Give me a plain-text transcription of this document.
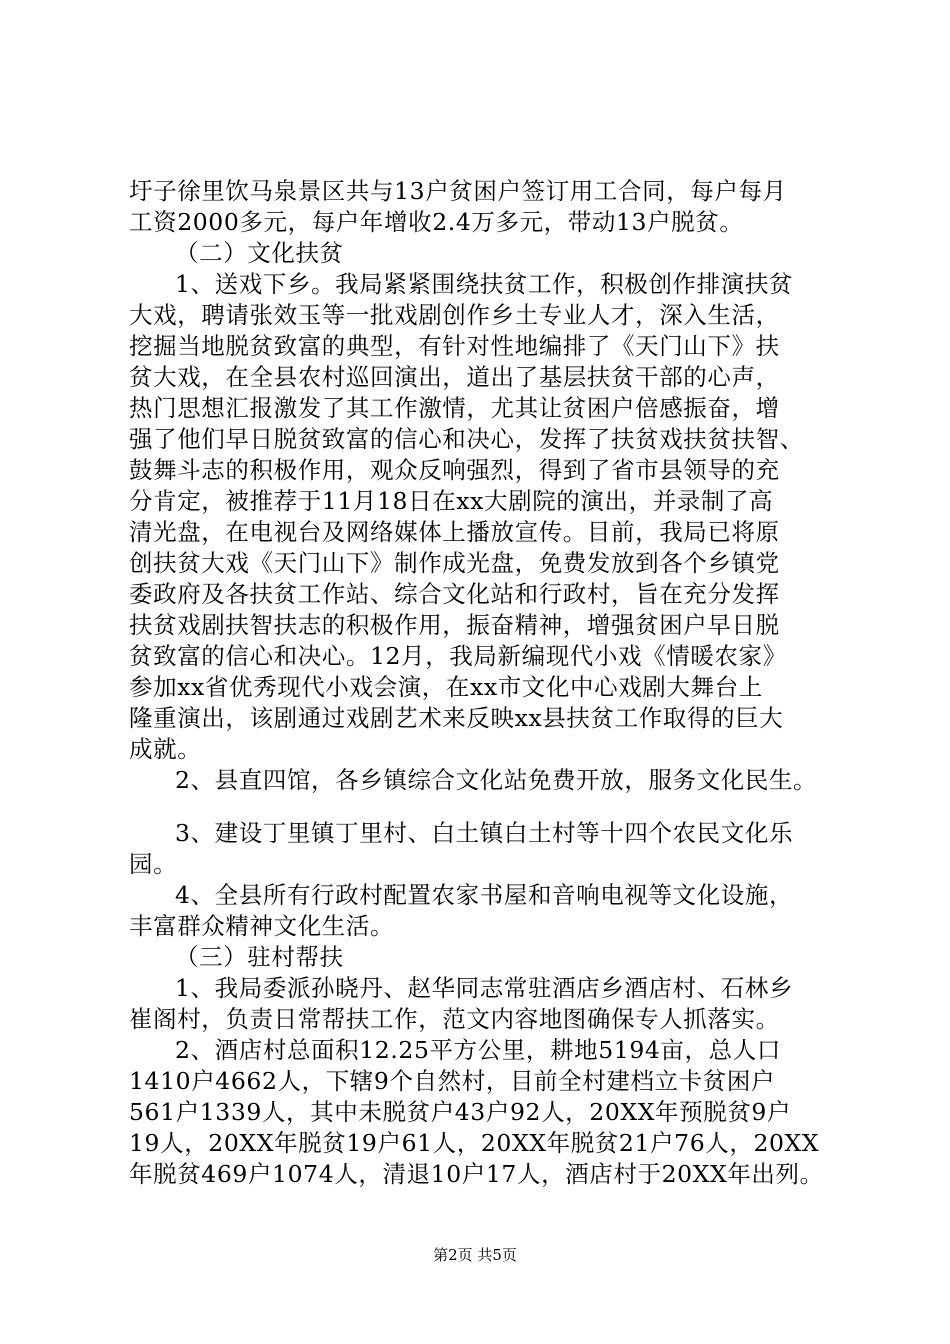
圩子徐里饮马泉景区共与13户贫困户签订用工合同，每户每月
工资2000多元，每户年增收2.4万多元，带动13户脱贫。
（二）文化扶贫
1、送戏下乡。我局紧紧围绕扶贫工作，积极创作排演扶贫
大戏，聘请张效玉等一批戏剧创作乡土专业人才，深入生活，
挖掘当地脱贫致富的典型，有针对性地编排了《天门山下》扶
贫大戏，在全县农村巡回演出，道出了基层扶贫干部的心声，
热门思想汇报激发了其工作激情，尤其让贫困户倍感振奋，增
强了他们早日脱贫致富的信心和决心，发挥了扶贫戏扶贫扶智、
鼓舞斗志的积极作用，观众反响强烈，得到了省市县领导的充
分肯定，被推荐于11月18日在xx大剧院的演出，并录制了高
清光盘，在电视台及网络媒体上播放宣传。目前，我局已将原
创扶贫大戏《天门山下》制作成光盘，免费发放到各个乡镇党
委政府及各扶贫工作站、综合文化站和行政村，旨在充分发挥
扶贫戏剧扶智扶志的积极作用，振奋精神，增强贫困户早日脱
贫致富的信心和决心。12月，我局新编现代小戏《情暖农家》
参加xx省优秀现代小戏会演，在xx市文化中心戏剧大舞台上
隆重演出，该剧通过戏剧艺术来反映xx县扶贫工作取得的巨大
成就。
2、县直四馆，各乡镇综合文化站免费开放，服务文化民生。
3、建设丁里镇丁里村、白土镇白土村等十四个农民文化乐
园。
4、全县所有行政村配置农家书屋和音响电视等文化设施，
丰富群众精神文化生活。
（三）驻村帮扶
1、我局委派孙晓丹、赵华同志常驻酒店乡酒店村、石林乡
崔阁村，负责日常帮扶工作，范文内容地图确保专人抓落实。
2、酒店村总面积12.25平方公里，耕地5194亩，总人口
1410户4662人，下辖9个自然村，目前全村建档立卡贫困户
561户1339人，其中未脱贫户43户92人，20XX年预脱贫9户
19人，20XX年脱贫19户61人，20XX年脱贫21户76人，20XX
年脱贫469户1074人，清退10户17人，酒店村于20XX年出列。
第2页 共5页
